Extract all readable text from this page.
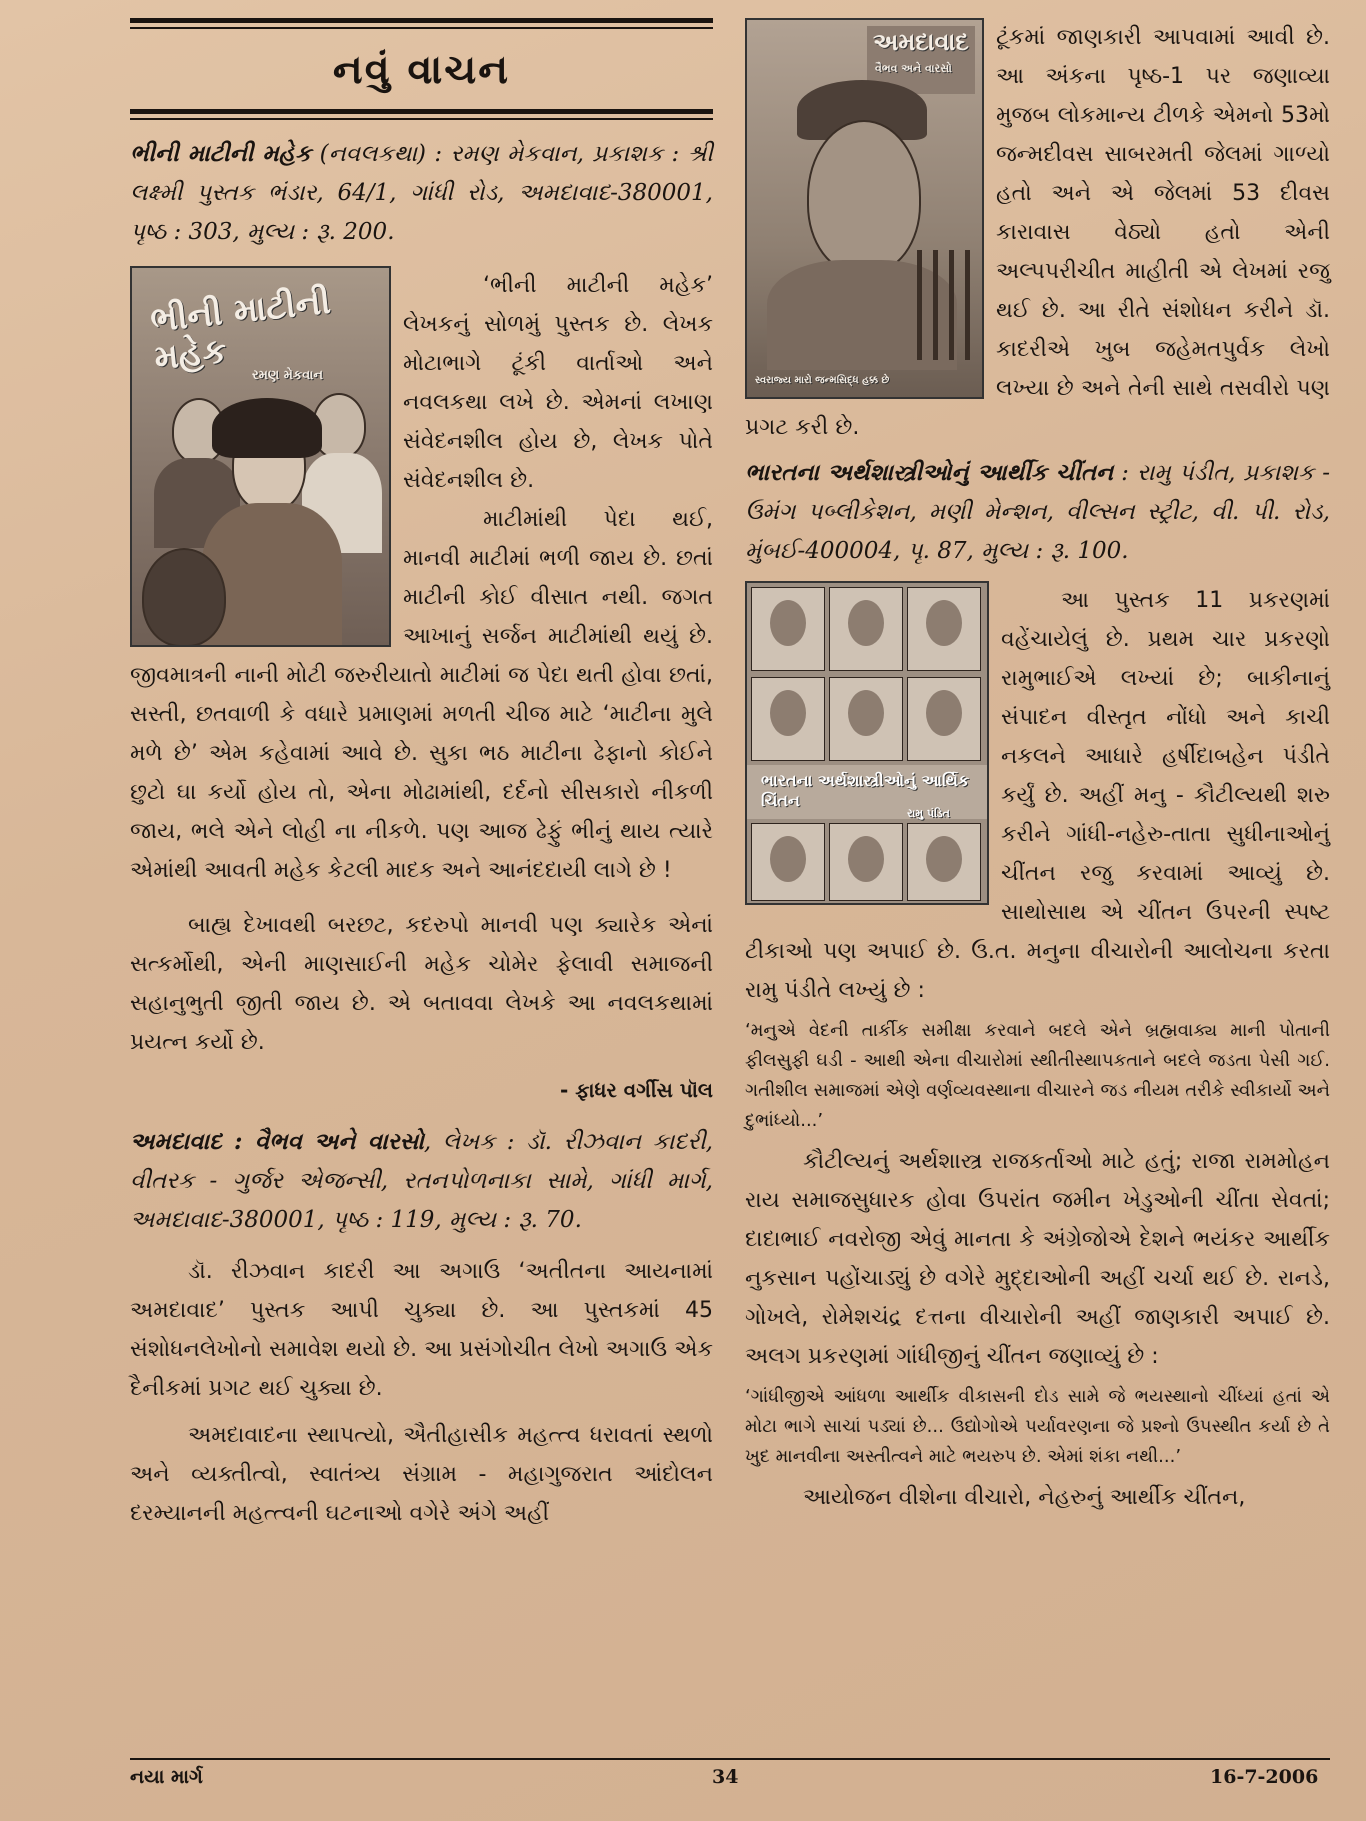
નવું વાચન

ભીની માટીની મહેક (નવલકથા) : રમણ મેકવાન, પ્રકાશક : શ્રી લક્ષ્મી પુસ્તક ભંડાર, 64/1, ગાંધી રોડ, અમદાવાદ-380001, પૃષ્ઠ : 303, મુલ્ય : રૂ. 200.

ભીની માટીની મહેક	રમણ મેકવાન

‘ભીની માટીની મહેક’ લેખકનું સોળમું પુસ્તક છે. લેખક મોટાભાગે ટૂંકી વાર્તાઓ અને નવલકથા લખે છે. એમનાં લખાણ સંવેદનશીલ હોય છે, લેખક પોતે સંવેદનશીલ છે.

માટીમાંથી પેદા થઈ, માનવી માટીમાં ભળી જાય છે. છતાં માટીની કોઈ વીસાત નથી. જગત આખાનું સર્જન માટીમાંથી થયું છે. જીવમાત્રની નાની મોટી જરુરીયાતો માટીમાં જ પેદા થતી હોવા છતાં, સસ્તી, છતવાળી કે વધારે પ્રમાણમાં મળતી ચીજ માટે ‘માટીના મુલે મળે છે’ એમ કહેવામાં આવે છે. સુકા ભઠ માટીના ઢેફાનો કોઈને છુટો ઘા કર્યો હોય તો, એના મોઢામાંથી, દર્દનો સીસકારો નીકળી જાય, ભલે એને લોહી ના નીકળે. પણ આજ ઢેફું ભીનું થાય ત્યારે એમાંથી આવતી મહેક કેટલી માદક અને આનંદદાયી લાગે છે !

બાહ્ય દેખાવથી બરછટ, કદરુપો માનવી પણ ક્યારેક એનાં સત્કર્મોથી, એની માણસાઈની મહેક ચોમેર ફેલાવી સમાજની સહાનુભુતી જીતી જાય છે. એ બતાવવા લેખકે આ નવલકથામાં પ્રયત્ન કર્યો છે.

- ફાધર વર્ગીસ પૉલ

અમદાવાદ : વૈભવ અને વારસો, લેખક : ડૉ. રીઝવાન કાદરી, વીતરક - ગુર્જર એજન્સી, રતનપોળનાકા સામે, ગાંધી માર્ગ, અમદાવાદ-380001, પૃષ્ઠ : 119, મુલ્ય : રૂ. 70.

ડૉ. રીઝવાન કાદરી આ અગાઉ ‘અતીતના આયનામાં અમદાવાદ’ પુસ્તક આપી ચુક્યા છે. આ પુસ્તકમાં 45 સંશોધનલેખોનો સમાવેશ થયો છે. આ પ્રસંગોચીત લેખો અગાઉ એક દૈનીકમાં પ્રગટ થઈ ચુક્યા છે.

અમદાવાદના સ્થાપત્યો, ઐતીહાસીક મહત્ત્વ ધરાવતાં સ્થળો અને વ્યક્તીત્વો, સ્વાતંત્ર્ય સંગ્રામ - મહાગુજરાત આંદોલન દરમ્યાનની મહત્ત્વની ઘટનાઓ વગેરે અંગે અહીં

અમદાવાદ
વૈભવ અને વારસો
સ્વરાજ્ય મારો જન્મસિદ્ધ હક્ક છે

ટૂંકમાં જાણકારી આપવામાં આવી છે. આ અંકના પૃષ્ઠ-1 પર જણાવ્યા મુજબ લોકમાન્ય ટીળકે એમનો 53મો જન્મદીવસ સાબરમતી જેલમાં ગાળ્યો હતો અને એ જેલમાં 53 દીવસ કારાવાસ વેઠ્યો હતો એની અલ્પપરીચીત માહીતી એ લેખમાં રજુ થઈ છે. આ રીતે સંશોધન કરીને ડૉ. કાદરીએ ખુબ જહેમતપુર્વક લેખો લખ્યા છે અને તેની સાથે તસવીરો પણ પ્રગટ કરી છે.

ભારતના અર્થશાસ્ત્રીઓનું આર્થીક ચીંતન : રામુ પંડીત, પ્રકાશક - ઉમંગ પબ્લીકેશન, મણી મેન્શન, વીલ્સન સ્ટ્રીટ, વી. પી. રોડ, મુંબઈ-400004, પૃ. 87, મુલ્ય : રૂ. 100.

ભારતના અર્થશાસ્ત્રીઓનું આર્થિક ચિંતન
રામુ પંડિત

આ પુસ્તક 11 પ્રકરણમાં વહેંચાયેલું છે. પ્રથમ ચાર પ્રકરણો રામુભાઈએ લખ્યાં છે; બાકીનાનું સંપાદન વીસ્તૃત નોંધો અને કાચી નકલને આધારે હર્ષીદાબહેન પંડીતે કર્યું છે. અહીં મનુ - કૌટીલ્યથી શરુ કરીને ગાંધી-નહેરુ-તાતા સુધીનાઓનું ચીંતન રજુ કરવામાં આવ્યું છે. સાથોસાથ એ ચીંતન ઉપરની સ્પષ્ટ ટીકાઓ પણ અપાઈ છે. ઉ.ત. મનુના વીચારોની આલોચના કરતા રામુ પંડીતે લખ્યું છે :

‘મનુએ વેદની તાર્કીક સમીક્ષા કરવાને બદલે એને બ્રહ્મવાક્ય માની પોતાની ફીલસુફી ઘડી - આથી એના વીચારોમાં સ્થીતીસ્થાપકતાને બદલે જડતા પેસી ગઈ. ગતીશીલ સમાજમાં એણે વર્ણવ્યવસ્થાના વીચારને જડ નીયમ તરીકે સ્વીકાર્યો અને દુભાંધ્યો...’

કૌટીલ્યનું અર્થશાસ્ત્ર રાજકર્તાઓ માટે હતું; રાજા રામમોહન રાય સમાજસુધારક હોવા ઉપરાંત જમીન ખેડુઓની ચીંતા સેવતાં; દાદાભાઈ નવરોજી એવું માનતા કે અંગ્રેજોએ દેશને ભયંકર આર્થીક નુકસાન પહોંચાડ્યું છે વગેરે મુદ્દાઓની અહીં ચર્ચા થઈ છે. રાનડે, ગોખલે, રોમેશચંદ્ર દત્તના વીચારોની અહીં જાણકારી અપાઈ છે. અલગ પ્રકરણમાં ગાંધીજીનું ચીંતન જણાવ્યું છે :

‘ગાંધીજીએ આંધળા આર્થીક વીકાસની દોડ સામે જે ભયસ્થાનો ચીંધ્યાં હતાં એ મોટા ભાગે સાચાં પડ્યાં છે... ઉદ્યોગોએ પર્યાવરણના જે પ્રશ્નો ઉપસ્થીત કર્યા છે તે ખુદ માનવીના અસ્તીત્વને માટે ભયરુપ છે. એમાં શંકા નથી...’

આયોજન વીશેના વીચારો, નેહરુનું આર્થીક ચીંતન,

નયા માર્ગ	34	16-7-2006
